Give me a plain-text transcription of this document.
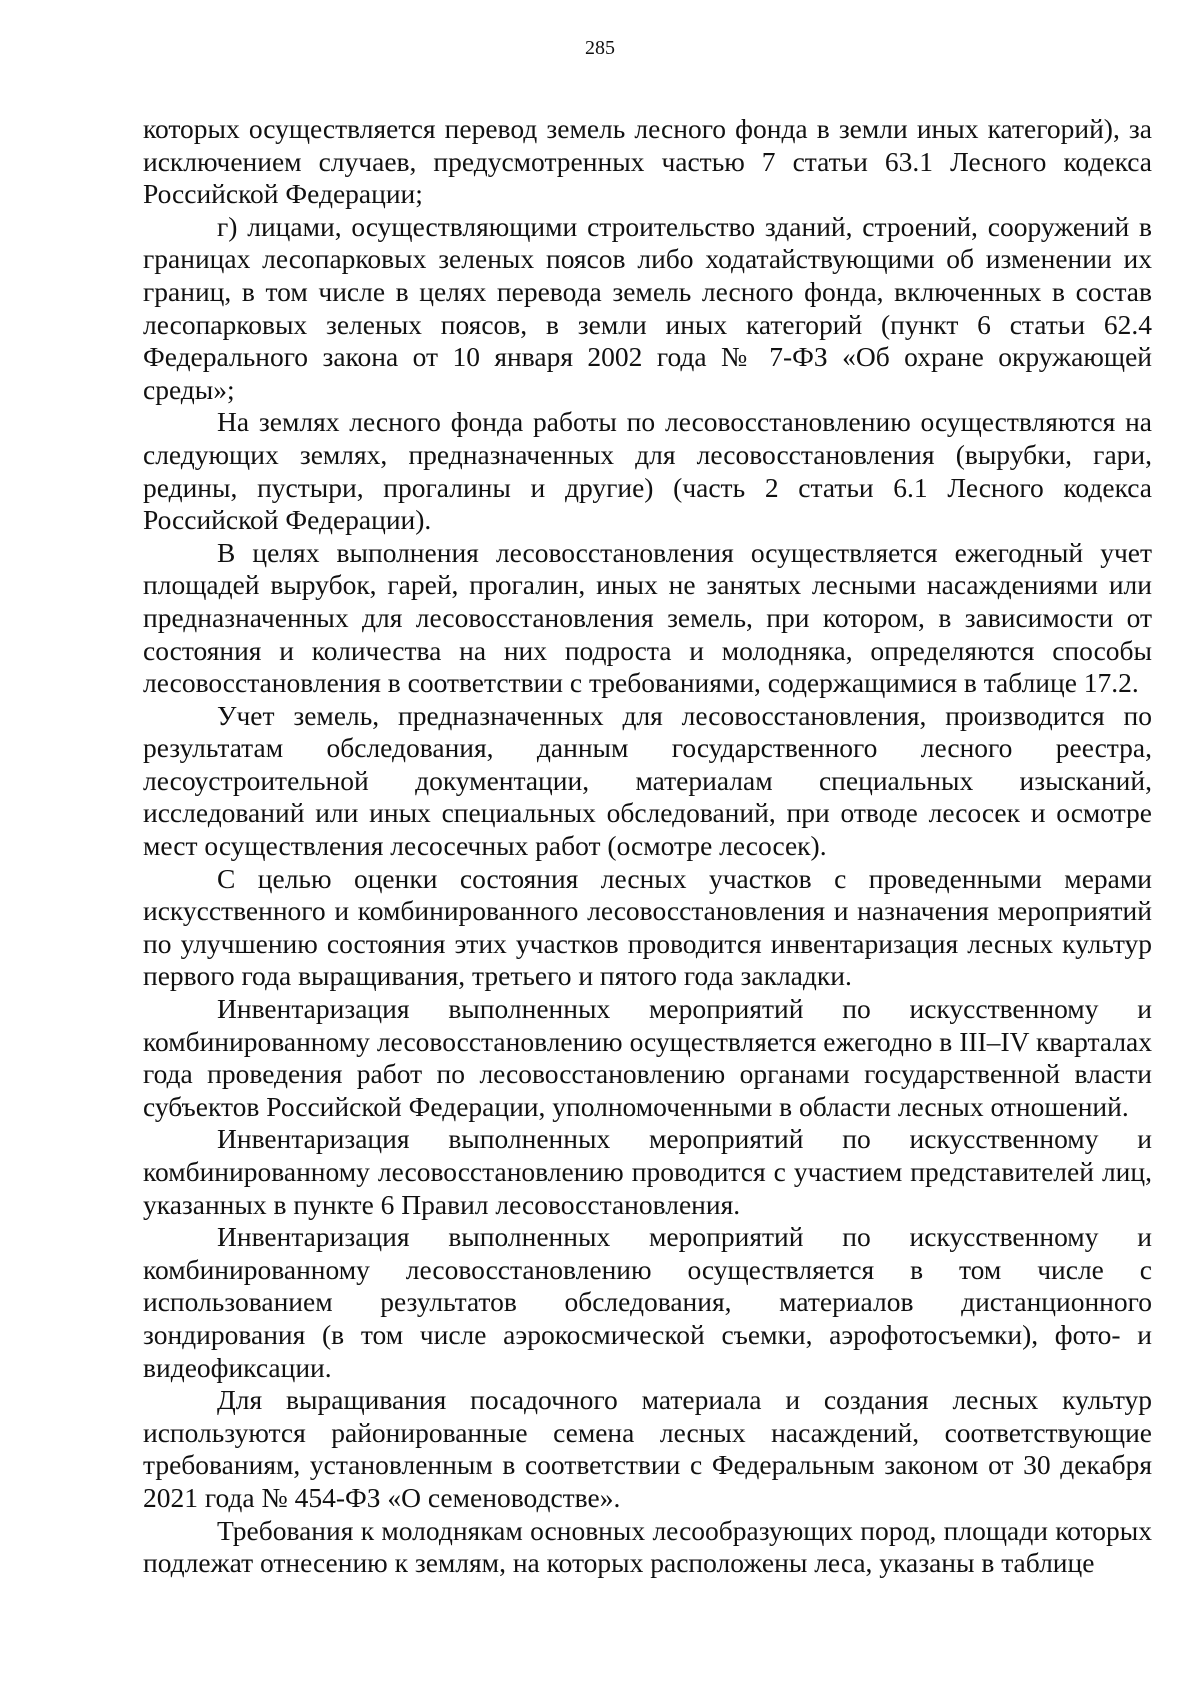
285

которых осуществляется перевод земель лесного фонда в земли иных категорий), за исключением случаев, предусмотренных частью 7 статьи 63.1 Лесного кодекса Российской Федерации;

г) лицами, осуществляющими строительство зданий, строений, сооружений в границах лесопарковых зеленых поясов либо ходатайствующими об изменении их границ, в том числе в целях перевода земель лесного фонда, включенных в состав лесопарковых зеленых поясов, в земли иных категорий (пункт 6 статьи 62.4 Федерального закона от 10 января 2002 года № 7-ФЗ «Об охране окружающей среды»;

На землях лесного фонда работы по лесовосстановлению осуществляются на следующих землях, предназначенных для лесовосстановления (вырубки, гари, редины, пустыри, прогалины и другие) (часть 2 статьи 6.1 Лесного кодекса Российской Федерации).

В целях выполнения лесовосстановления осуществляется ежегодный учет площадей вырубок, гарей, прогалин, иных не занятых лесными насаждениями или предназначенных для лесовосстановления земель, при котором, в зависимости от состояния и количества на них подроста и молодняка, определяются способы лесовосстановления в соответствии с требованиями, содержащимися в таблице 17.2.

Учет земель, предназначенных для лесовосстановления, производится по результатам обследования, данным государственного лесного реестра, лесоустроительной документации, материалам специальных изысканий, исследований или иных специальных обследований, при отводе лесосек и осмотре мест осуществления лесосечных работ (осмотре лесосек).

С целью оценки состояния лесных участков с проведенными мерами искусственного и комбинированного лесовосстановления и назначения мероприятий по улучшению состояния этих участков проводится инвентаризация лесных культур первого года выращивания, третьего и пятого года закладки.

Инвентаризация выполненных мероприятий по искусственному и комбинированному лесовосстановлению осуществляется ежегодно в III–IV кварталах года проведения работ по лесовосстановлению органами государственной власти субъектов Российской Федерации, уполномоченными в области лесных отношений.

Инвентаризация выполненных мероприятий по искусственному и комбинированному лесовосстановлению проводится с участием представителей лиц, указанных в пункте 6 Правил лесовосстановления.

Инвентаризация выполненных мероприятий по искусственному и комбинированному лесовосстановлению осуществляется в том числе с использованием результатов обследования, материалов дистанционного зондирования (в том числе аэрокосмической съемки, аэрофотосъемки), фото- и видеофиксации.

Для выращивания посадочного материала и создания лесных культур используются районированные семена лесных насаждений, соответствующие требованиям, установленным в соответствии с Федеральным законом от 30 декабря 2021 года № 454-ФЗ «О семеноводстве».

Требования к молоднякам основных лесообразующих пород, площади которых подлежат отнесению к землям, на которых расположены леса, указаны в таблице
